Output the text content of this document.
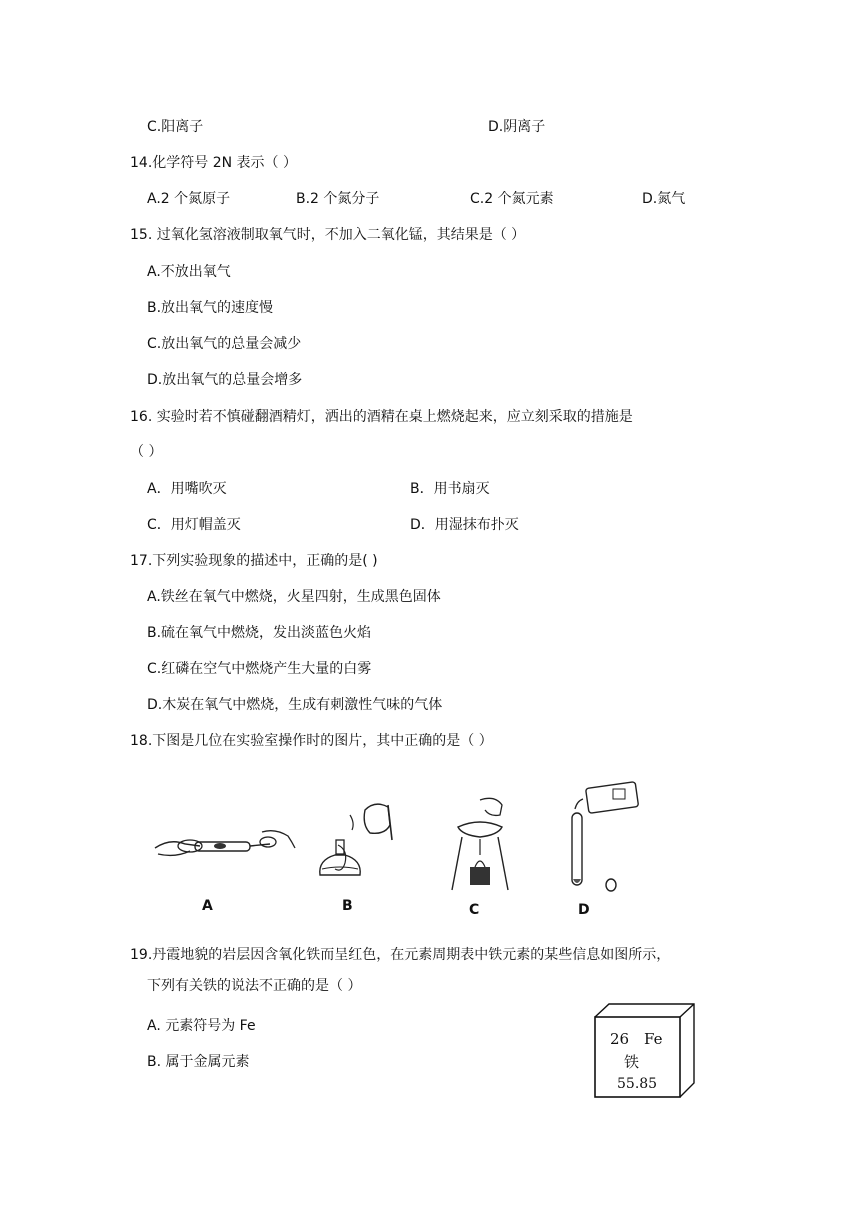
C.阳离子	D.阴离子
14.化学符号 2N 表示（ ）
A.2 个氮原子	B.2 个氮分子	C.2 个氮元素	D.氮气
15. 过氧化氢溶液制取氧气时，不加入二氧化锰，其结果是（ ）
A.不放出氧气
B.放出氧气的速度慢
C.放出氧气的总量会减少
D.放出氧气的总量会增多
16. 实验时若不慎碰翻酒精灯，洒出的酒精在桌上燃烧起来，应立刻采取的措施是
（ ）
A．用嘴吹灭	B．用书扇灭
C．用灯帽盖灭	D．用湿抹布扑灭
17.下列实验现象的描述中，正确的是( )
A.铁丝在氧气中燃烧，火星四射，生成黑色固体
B.硫在氧气中燃烧，发出淡蓝色火焰
C.红磷在空气中燃烧产生大量的白雾
D.木炭在氧气中燃烧，生成有刺激性气味的气体
18.下图是几位在实验室操作时的图片，其中正确的是（ ）
A	B	C	D
19.丹霞地貌的岩层因含氧化铁而呈红色，在元素周期表中铁元素的某些信息如图所示，
下列有关铁的说法不正确的是（ ）
A. 元素符号为 Fe
B. 属于金属元素
26 Fe
铁
55.85
